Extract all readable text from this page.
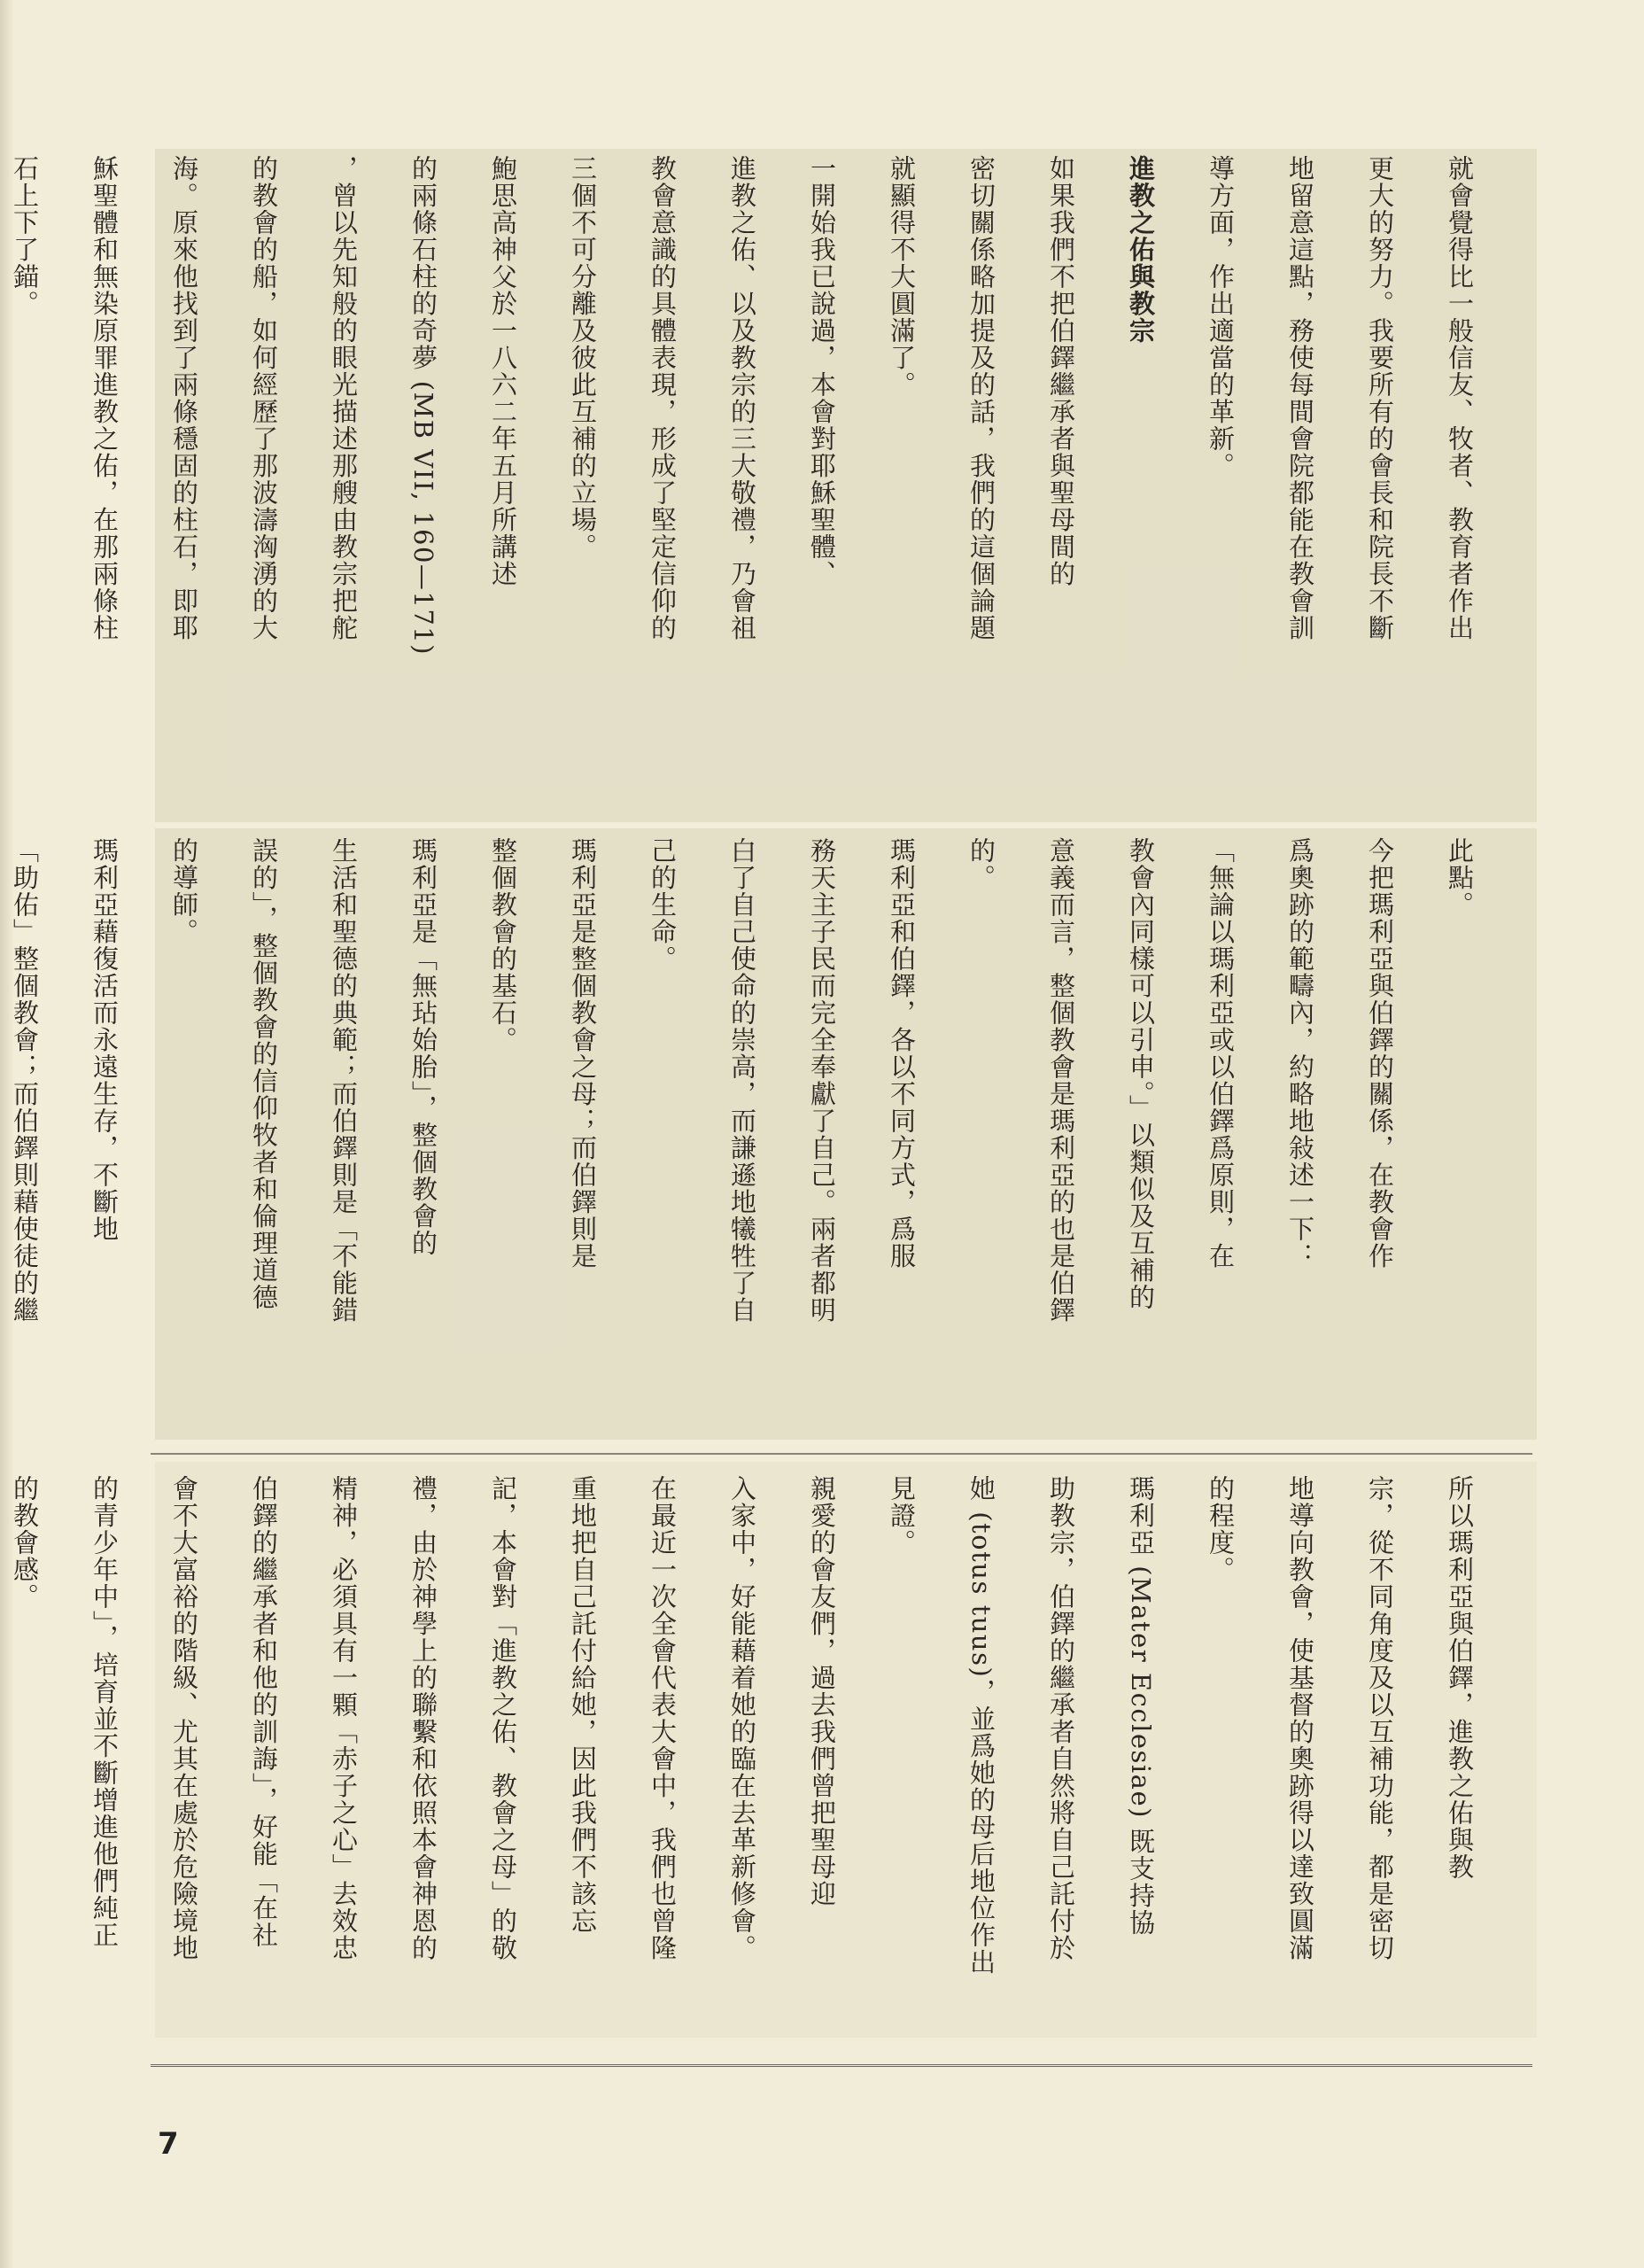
就會覺得比一般信友、牧者、教育者作出

更大的努力。我要所有的會長和院長不斷

地留意這點，務使每間會院都能在教會訓

導方面，作出適當的革新。

進教之佑與教宗

如果我們不把伯鐸繼承者與聖母間的

密切關係略加提及的話，我們的這個論題

就顯得不大圓滿了。

一開始我已說過，本會對耶穌聖體、

進教之佑、以及教宗的三大敬禮，乃會祖

教會意識的具體表現，形成了堅定信仰的

三個不可分離及彼此互補的立場。

鮑思高神父於一八六二年五月所講述

的兩條石柱的奇夢 (MB VII, 160—171)

，曾以先知般的眼光描述那艘由教宗把舵

的教會的船，如何經歷了那波濤洶湧的大

海。原來他找到了兩條穩固的柱石，即耶

穌聖體和無染原罪進教之佑，在那兩條柱

石上下了錨。

此點。

今把瑪利亞與伯鐸的關係，在教會作

爲奧跡的範疇內，約略地敍述一下：

「無論以瑪利亞或以伯鐸爲原則，在

教會內同樣可以引申。」以類似及互補的

意義而言，整個教會是瑪利亞的也是伯鐸

的。

瑪利亞和伯鐸，各以不同方式，爲服

務天主子民而完全奉獻了自己。兩者都明

白了自己使命的崇高，而謙遜地犧牲了自

己的生命。

瑪利亞是整個教會之母；而伯鐸則是

整個教會的基石。

瑪利亞是「無玷始胎」，整個教會的

生活和聖德的典範；而伯鐸則是「不能錯

誤的」，整個教會的信仰牧者和倫理道德

的導師。

瑪利亞藉復活而永遠生存，不斷地

「助佑」整個教會；而伯鐸則藉使徒的繼

所以瑪利亞與伯鐸，進教之佑與教

宗，從不同角度及以互補功能，都是密切

地導向教會，使基督的奧跡得以達致圓滿

的程度。

瑪利亞 (Mater Ecclesiae) 既支持協

助教宗，伯鐸的繼承者自然將自己託付於

她 (totus tuus)，並爲她的母后地位作出

見證。

親愛的會友們，過去我們曾把聖母迎

入家中，好能藉着她的臨在去革新修會。

在最近一次全會代表大會中，我們也曾隆

重地把自己託付給她，因此我們不該忘

記，本會對「進教之佑、教會之母」的敬

禮，由於神學上的聯繫和依照本會神恩的

精神，必須具有一顆「赤子之心」去效忠

伯鐸的繼承者和他的訓誨」，好能「在社

會不大富裕的階級、尤其在處於危險境地

的青少年中」，培育並不斷增進他們純正

的教會感。

7
